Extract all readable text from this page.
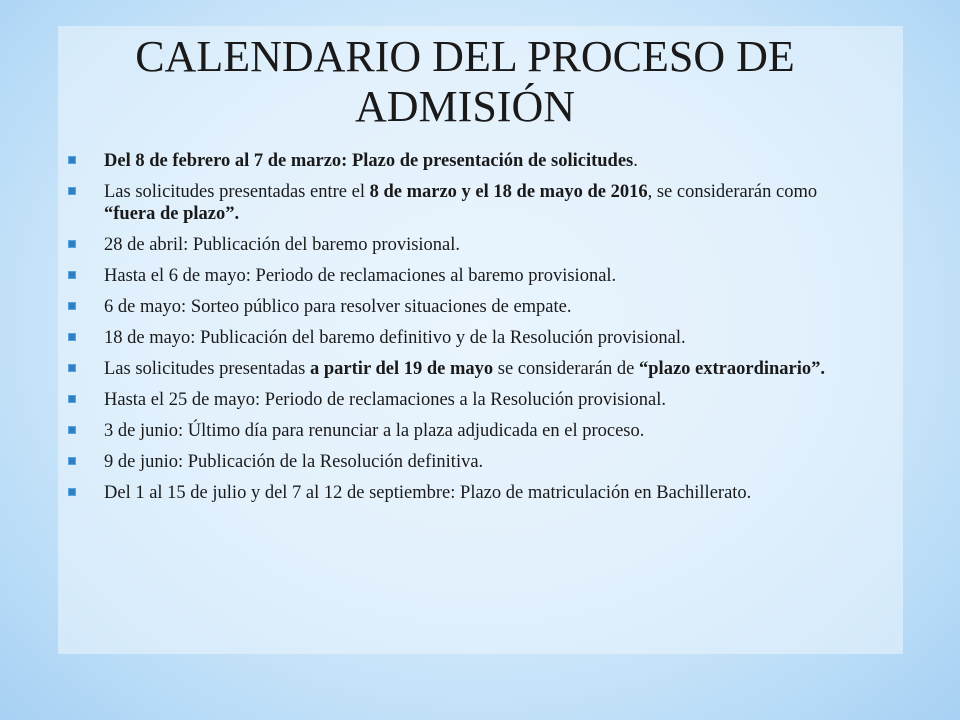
CALENDARIO DEL PROCESO DE
ADMISIÓN
Del 8 de febrero al 7 de marzo: Plazo de presentación de solicitudes.
Las solicitudes presentadas entre el 8 de marzo y el 18 de mayo de 2016, se considerarán como “fuera de plazo”.
28 de abril: Publicación del baremo provisional.
Hasta el 6 de mayo: Periodo de reclamaciones al baremo provisional.
6 de mayo: Sorteo público para resolver situaciones de empate.
18 de mayo: Publicación del baremo definitivo y de la Resolución provisional.
Las solicitudes presentadas a partir del 19 de mayo se considerarán de “plazo extraordinario”.
Hasta el 25 de mayo: Periodo de reclamaciones a la Resolución provisional.
3 de junio: Último día para renunciar a la plaza adjudicada en el proceso.
9 de junio: Publicación de la Resolución definitiva.
Del 1 al 15 de julio y del 7 al 12 de septiembre: Plazo de matriculación en Bachillerato.
